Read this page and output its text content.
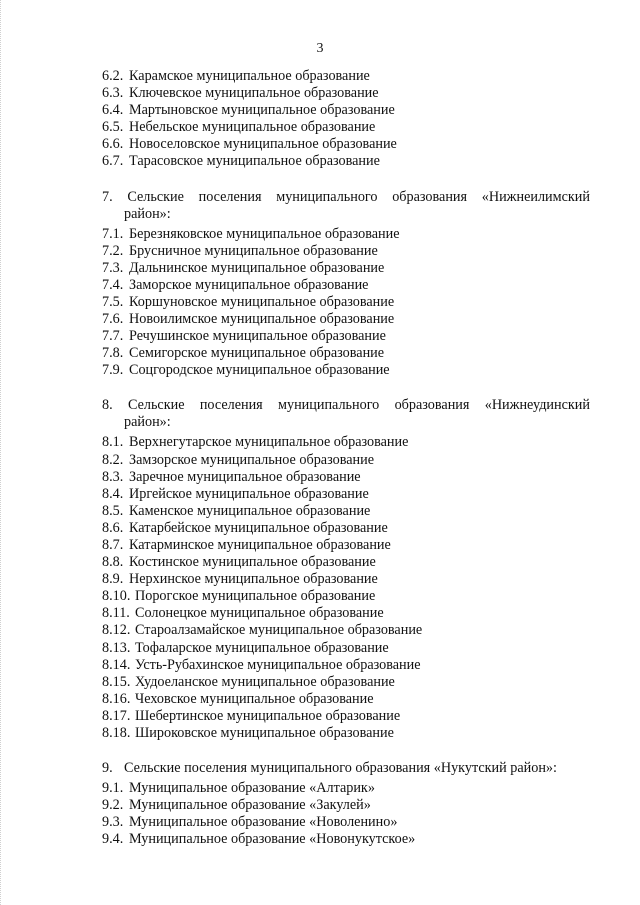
3
6.2. Карамское муниципальное образование
6.3. Ключевское муниципальное образование
6.4. Мартыновское муниципальное образование
6.5. Небельское муниципальное образование
6.6. Новоселовское муниципальное образование
6.7. Тарасовское муниципальное образование
7. Сельские поселения муниципального образования «Нижнеилимский
район»:
7.1. Березняковское муниципальное образование
7.2. Брусничное муниципальное образование
7.3. Дальнинское муниципальное образование
7.4. Заморское муниципальное образование
7.5. Коршуновское муниципальное образование
7.6. Новоилимское муниципальное образование
7.7. Речушинское муниципальное образование
7.8. Семигорское муниципальное образование
7.9. Соцгородское муниципальное образование
8. Сельские поселения муниципального образования «Нижнеудинский
район»:
8.1. Верхнегутарское муниципальное образование
8.2. Замзорское муниципальное образование
8.3. Заречное муниципальное образование
8.4. Иргейское муниципальное образование
8.5. Каменское муниципальное образование
8.6. Катарбейское муниципальное образование
8.7. Катарминское муниципальное образование
8.8. Костинское муниципальное образование
8.9. Нерхинское муниципальное образование
8.10. Порогское муниципальное образование
8.11. Солонецкое муниципальное образование
8.12. Староалзамайское муниципальное образование
8.13. Тофаларское муниципальное образование
8.14. Усть-Рубахинское муниципальное образование
8.15. Худоеланское муниципальное образование
8.16. Чеховское муниципальное образование
8.17. Шебертинское муниципальное образование
8.18. Широковское муниципальное образование
9. Сельские поселения муниципального образования «Нукутский район»:
9.1. Муниципальное образование «Алтарик»
9.2. Муниципальное образование «Закулей»
9.3. Муниципальное образование «Новоленино»
9.4. Муниципальное образование «Новонукутское»
